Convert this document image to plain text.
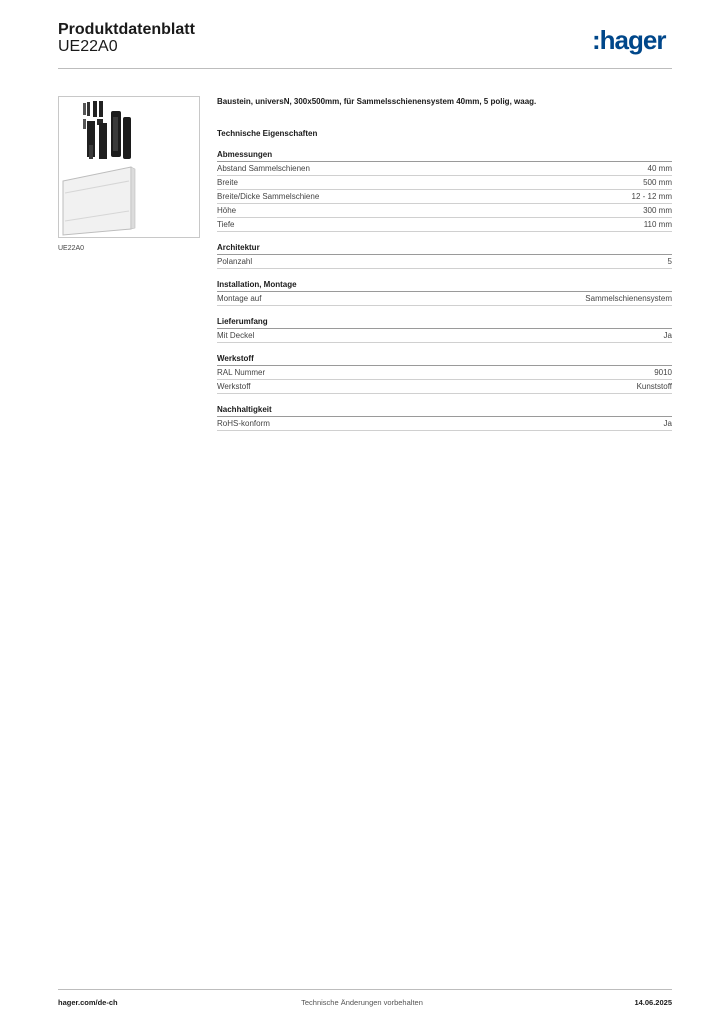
Produktdatenblatt
UE22A0	:hager
UE22A0
Baustein, universN, 300x500mm, für Sammelsschienensystem 40mm, 5 polig, waag.
Technische Eigenschaften
Abmessungen
Abstand Sammelschienen	40 mm
Breite	500 mm
Breite/Dicke Sammelschiene	12 - 12 mm
Höhe	300 mm
Tiefe	110 mm
Architektur
Polanzahl	5
Installation, Montage
Montage auf	Sammelschienensystem
Lieferumfang
Mit Deckel	Ja
Werkstoff
RAL Nummer	9010
Werkstoff	Kunststoff
Nachhaltigkeit
RoHS-konform	Ja
Technische Änderungen vorbehalten
hager.com/de-ch	14.06.2025
